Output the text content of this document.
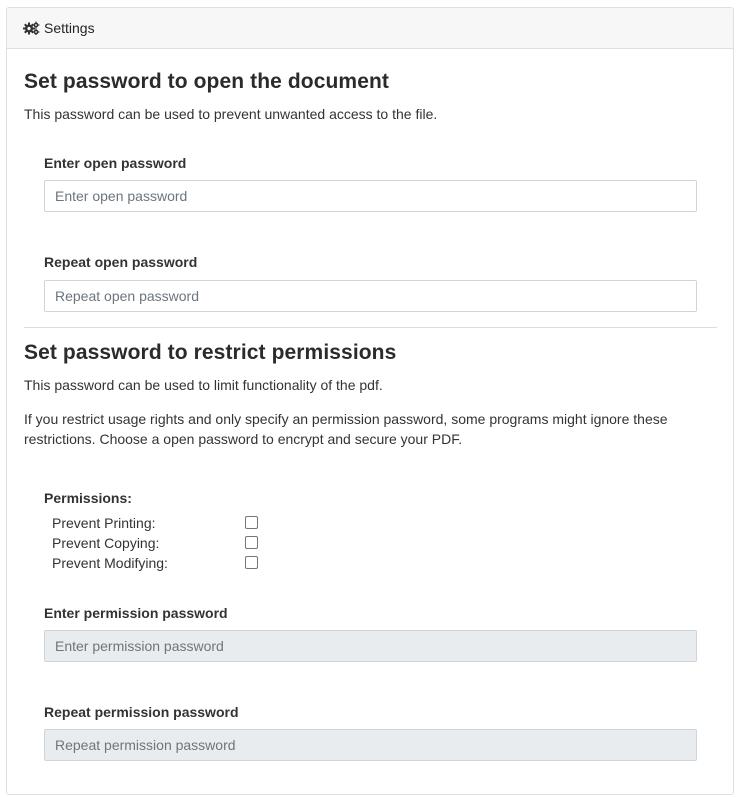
Settings
Set password to open the document
This password can be used to prevent unwanted access to the file.
Enter open password
Repeat open password
Set password to restrict permissions
This password can be used to limit functionality of the pdf.
If you restrict usage rights and only specify an permission password, some programs might ignore these restrictions. Choose a open password to encrypt and secure your PDF.
Permissions:
Prevent Printing:
Prevent Copying:
Prevent Modifying:
Enter permission password
Repeat permission password
